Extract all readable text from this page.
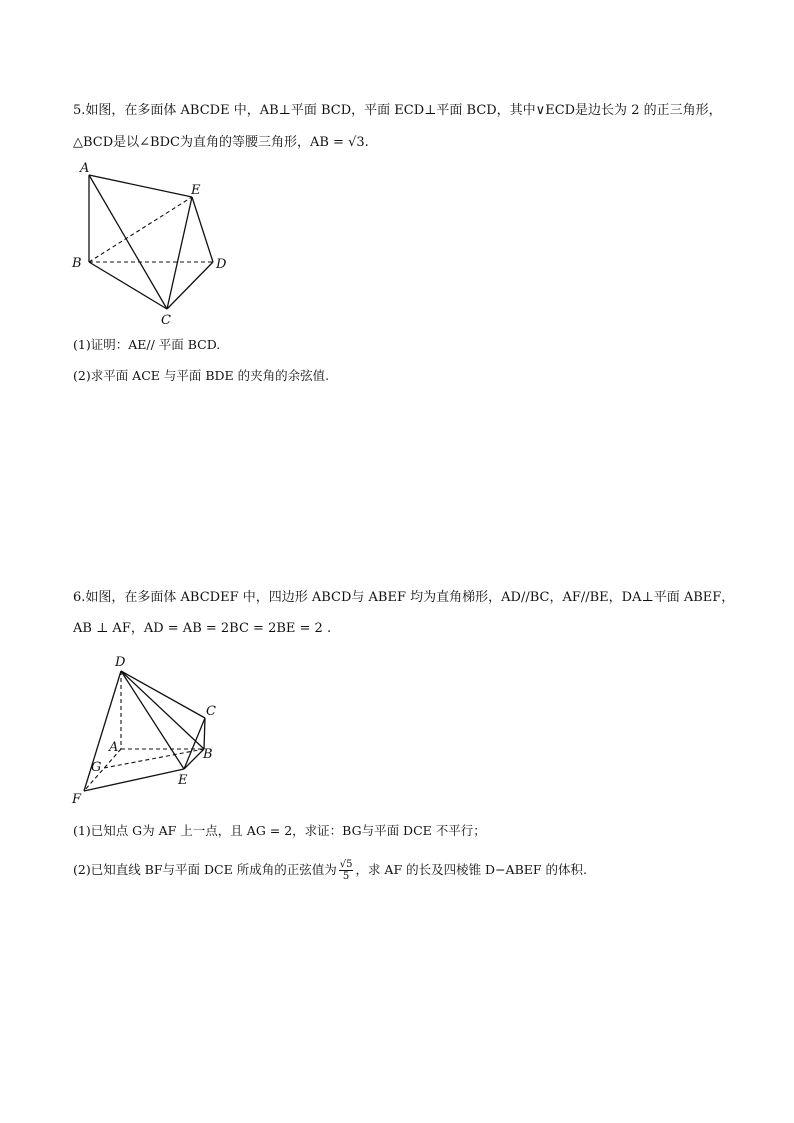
5.如图，在多面体 ABCDE 中，AB⊥平面 BCD，平面 ECD⊥平面 BCD，其中∨ECD是边长为 2 的正三角形，
△BCD是以∠BDC为直角的等腰三角形，AB = √3.
A
E
B	D
C
(1)证明：AE// 平面 BCD.
(2)求平面 ACE 与平面 BDE 的夹角的余弦值.
6.如图，在多面体 ABCDEF 中，四边形 ABCD与 ABEF 均为直角梯形，AD//BC，AF//BE，DA⊥平面 ABEF，
AB ⊥ AF，AD = AB = 2BC = 2BE = 2 .
D
C
A	B
G
E
F
(1)已知点 G为 AF 上一点，且 AG = 2，求证：BG与平面 DCE 不平行；
(2)已知直线 BF与平面 DCE 所成角的正弦值为 $\frac{√5}{5}$ ，求 AF 的长及四棱锥 D−ABEF 的体积.
